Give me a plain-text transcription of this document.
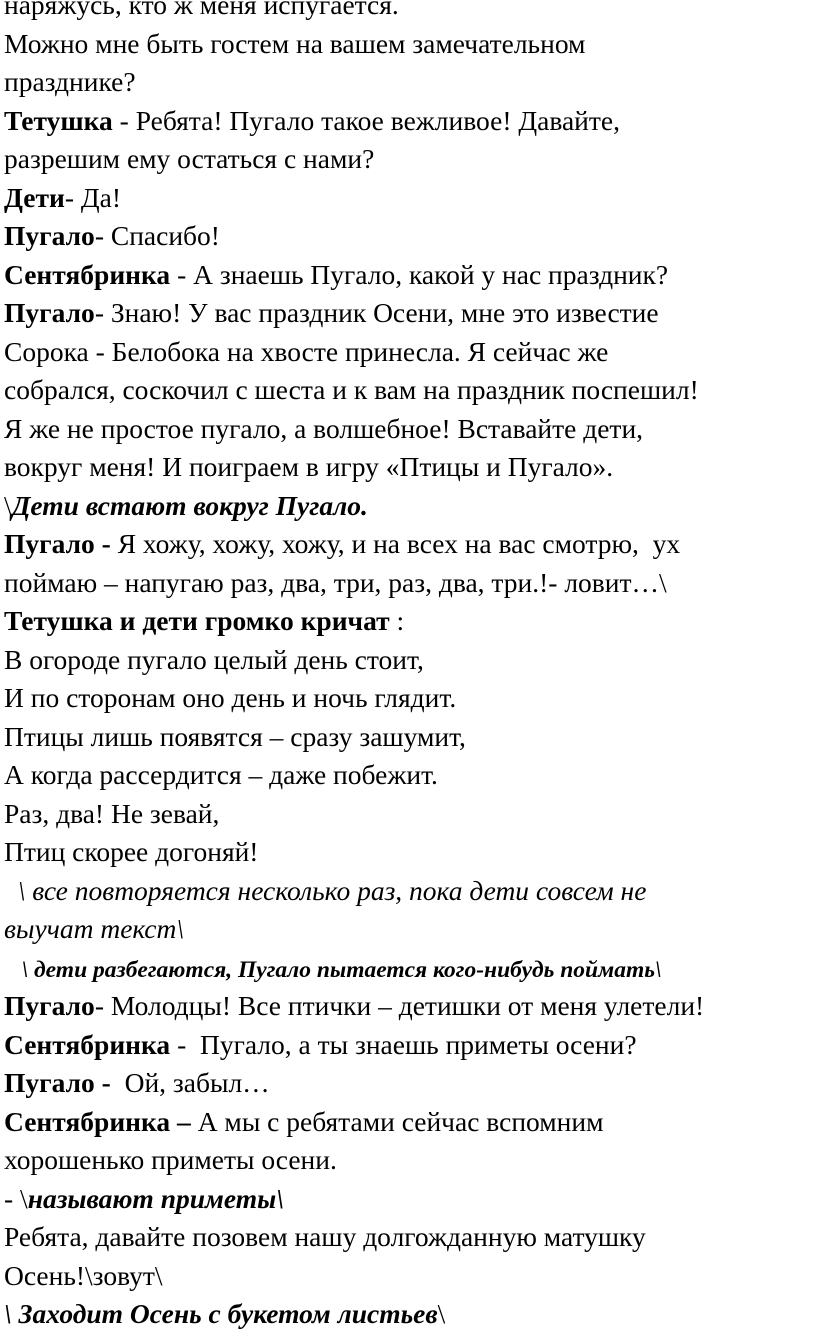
наряжусь, кто ж меня испугается.
Можно мне быть гостем на вашем замечательном
празднике?
Тетушка - Ребята! Пугало такое вежливое! Давайте,
разрешим ему остаться с нами?
Дети- Да!
Пугало- Спасибо!
Сентябринка - А знаешь Пугало, какой у нас праздник?
Пугало- Знаю! У вас праздник Осени, мне это известие
Сорока - Белобока на хвосте принесла. Я сейчас же
собрался, соскочил с шеста и к вам на праздник поспешил!
Я же не простое пугало, а волшебное! Вставайте дети,
вокруг меня! И поиграем в игру «Птицы и Пугало».
\Дети встают вокруг Пугало.
Пугало - Я хожу, хожу, хожу, и на всех на вас смотрю,  ух
поймаю – напугаю раз, два, три, раз, два, три.!- ловит…\
Тетушка и дети громко кричат :
В огороде пугало целый день стоит,
И по сторонам оно день и ночь глядит.
Птицы лишь появятся – сразу зашумит,
А когда рассердится – даже побежит.
Раз, два! Не зевай,
Птиц скорее догоняй!
\ все повторяется несколько раз, пока дети совсем не
выучат текст\
\ дети разбегаются, Пугало пытается кого-нибудь поймать\
Пугало- Молодцы! Все птички – детишки от меня улетели!
Сентябринка -  Пугало, а ты знаешь приметы осени?
Пугало -  Ой, забыл…
Сентябринка – А мы с ребятами сейчас вспомним
хорошенько приметы осени.
- \называют приметы\
Ребята, давайте позовем нашу долгожданную матушку
Осень!\зовут\
\ Заходит Осень с букетом листьев\
